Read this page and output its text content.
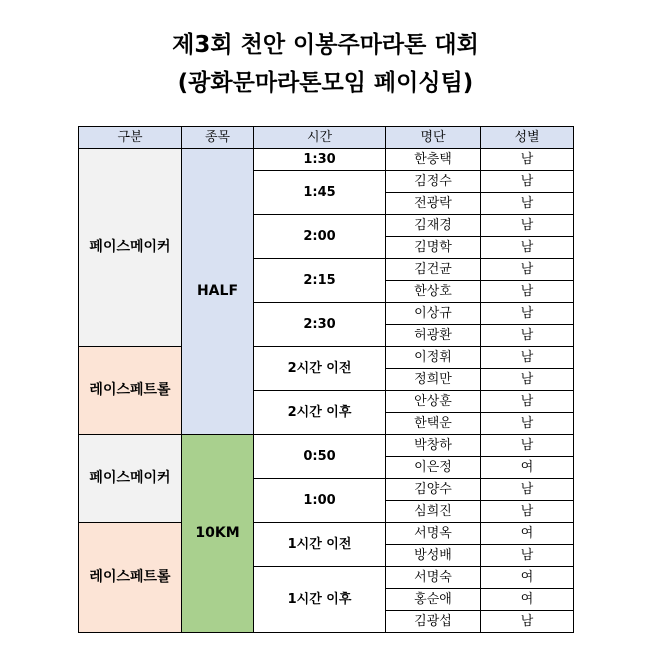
제3회 천안 이봉주마라톤 대회
(광화문마라톤모임 페이싱팀)
구분	종목	시간	명단	성별
페이스메이커	HALF	1:30	한충택	남
		1:45	김정수	남
			전광락	남
		2:00	김재경	남
			김명학	남
		2:15	김건균	남
			한상호	남
		2:30	이상규	남
			허광환	남
레이스페트롤		2시간 이전	이정휘	남
			정희만	남
		2시간 이후	안상훈	남
			한택운	남
페이스메이커	10KM	0:50	박창하	남
			이은정	여
		1:00	김양수	남
			심희진	남
레이스페트롤		1시간 이전	서명옥	여
			방성배	남
		1시간 이후	서명숙	여
			홍순애	여
			김광섭	남
